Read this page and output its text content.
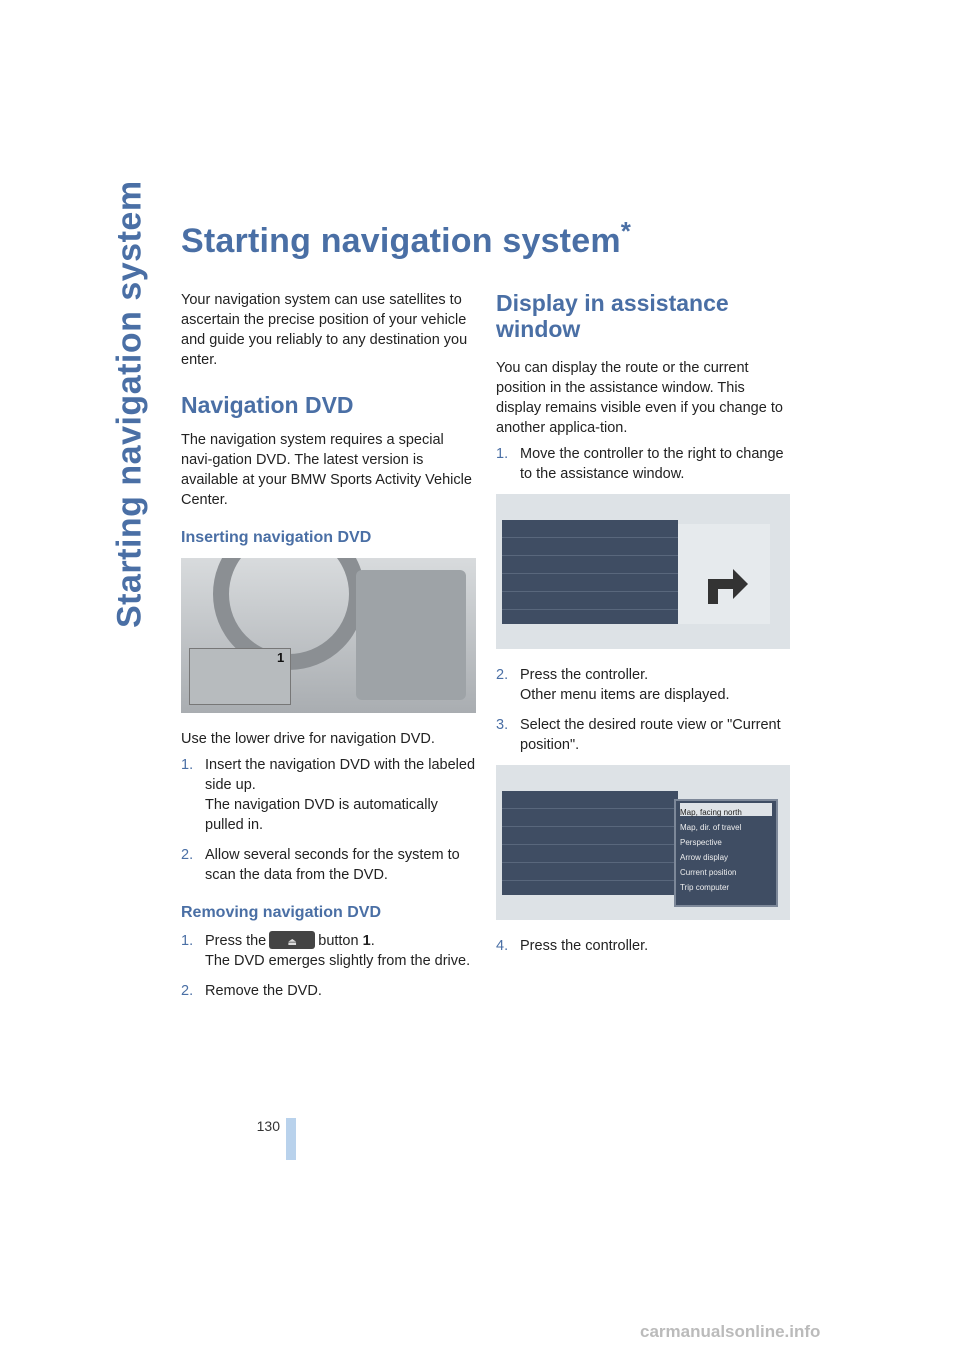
Starting navigation system Starting navigation system*

Your navigation system can use satellites to ascertain the precise position of your vehicle and guide you reliably to any destination you enter.

Navigation DVD

The navigation system requires a special navi-gation DVD. The latest version is available at your BMW Sports Activity Vehicle Center.

Inserting navigation DVD
1

Use the lower drive for navigation DVD.

1. Insert the navigation DVD with the labeled side up.
The navigation DVD is automatically pulled in.
2. Allow several seconds for the system to scan the data from the DVD.
Removing navigation DVD
1. Press the ⏏ button 1.
The DVD emerges slightly from the drive.
2. Remove the DVD.
Display in assistance window

You can display the route or the current position in the assistance window. This display remains visible even if you change to another applica-tion.

1. Move the controller to the right to change to the assistance window.
2. Press the controller.
Other menu items are displayed.
3. Select the desired route view or "Current position".
Map, facing north
Map, dir. of travel
Perspective
Arrow display
Current position
Trip computer
4. Press the controller.
130
carmanualsonline.info
